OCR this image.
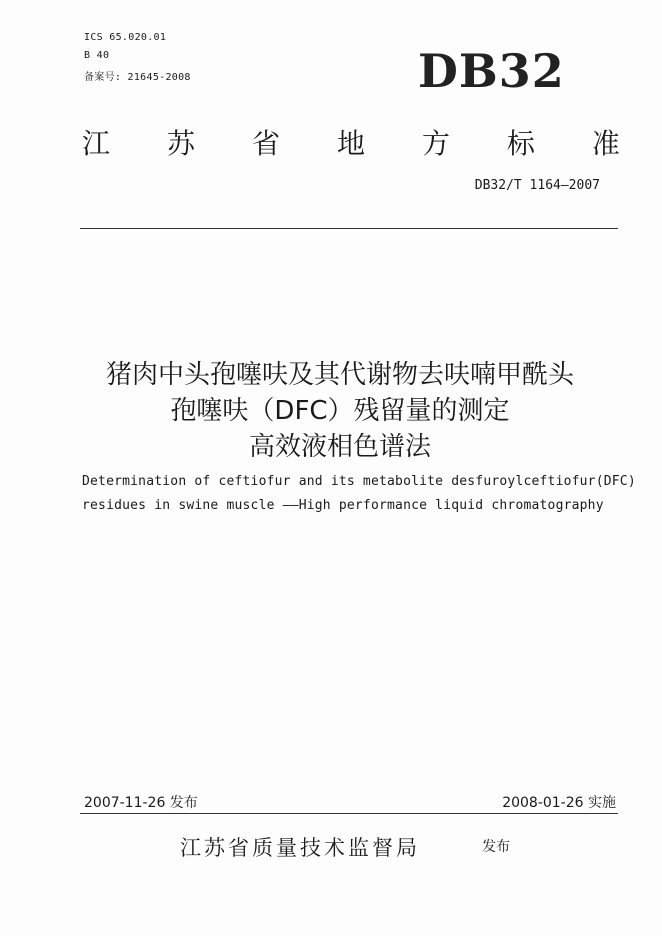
ICS 65.020.01
B 40
备案号: 21645-2008	DB32
江 苏 省 地 方 标 准
DB32/T 1164—2007
猪肉中头孢噻呋及其代谢物去呋喃甲酰头
孢噻呋（DFC）残留量的测定
高效液相色谱法
Determination of ceftiofur and its metabolite desfuroylceftiofur(DFC)
residues in swine muscle ——High performance liquid chromatography
2007-11-26 发布	2008-01-26 实施
江苏省质量技术监督局	发布
